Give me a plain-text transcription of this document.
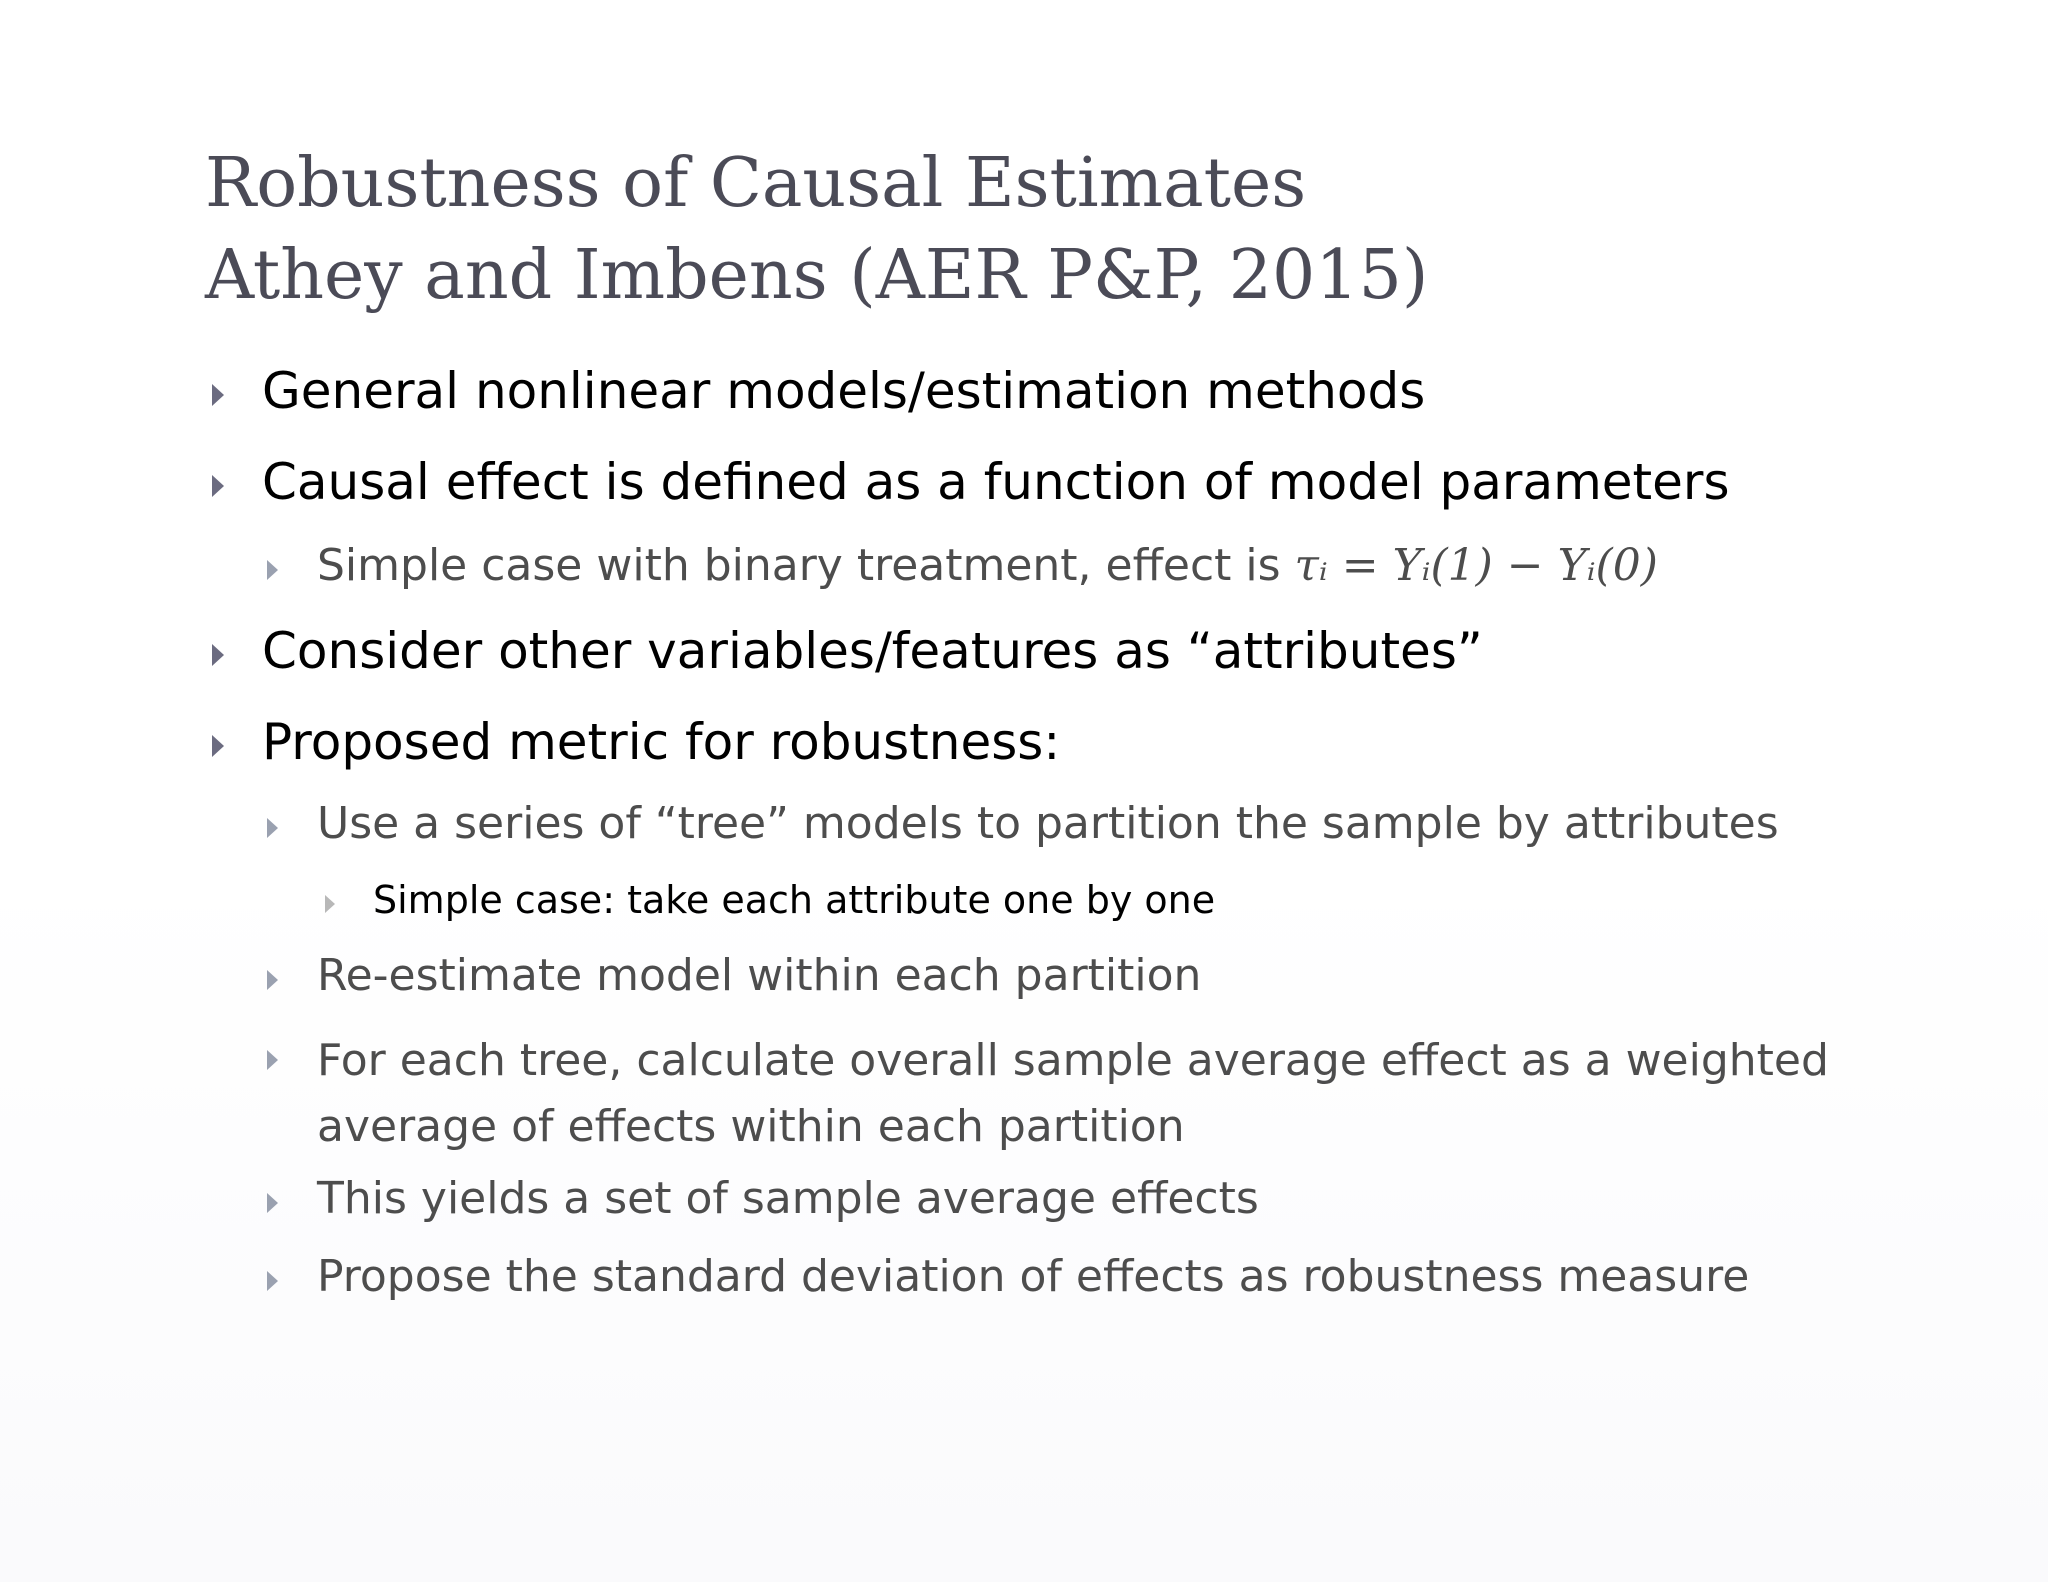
Robustness of Causal Estimates
Athey and Imbens (AER P&P, 2015)
General nonlinear models/estimation methods
Causal effect is defined as a function of model parameters
Simple case with binary treatment, effect is τᵢ = Yᵢ(1) − Yᵢ(0)
Consider other variables/features as “attributes”
Proposed metric for robustness:
Use a series of “tree” models to partition the sample by attributes
Simple case: take each attribute one by one
Re-estimate model within each partition
For each tree, calculate overall sample average effect as a weighted
average of effects within each partition
This yields a set of sample average effects
Propose the standard deviation of effects as robustness measure
